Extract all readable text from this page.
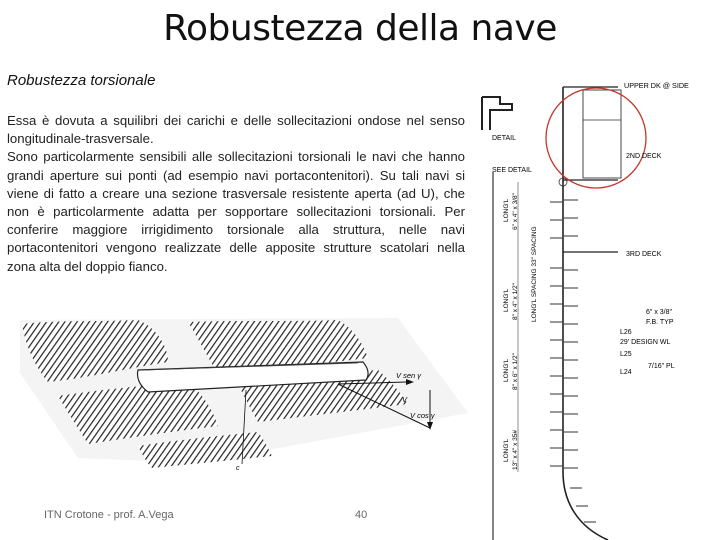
Robustezza della nave
Robustezza torsionale

Essa è dovuta a squilibri dei carichi e delle sollecitazioni ondose nel senso longitudinale-trasversale.

Sono particolarmente sensibili alle sollecitazioni torsionali le navi che hanno grandi aperture sui ponti (ad esempio navi portacontenitori). Su tali navi si viene di fatto a creare una sezione trasversale resistente aperta (ad U), che non è particolarmente adatta per sopportare sollecitazioni torsionali. Per conferire maggiore irrigidimento torsionale alla struttura, nelle navi portacontenitori vengono realizzate delle apposite strutture scatolari nella zona alta del doppio fianco.

V sen γ
V
V cos γ
c
UPPER DK @ SIDE
DETAIL
SEE DETAIL
2ND DECK
3RD DECK
6" x 3/8"
F.B. TYP
L26
29' DESIGN WL
L25
7/16" PL
L24
LONG'L 6" x 4" x 3/8"
LONG'L 8" x 4" x 1/2" LONG'L SPACING 33" SPACING
LONG'L 8" x 6" x 1/2"
LONG'L 13" x 4" x 35#
ITN Crotone - prof. A.Vega	40
